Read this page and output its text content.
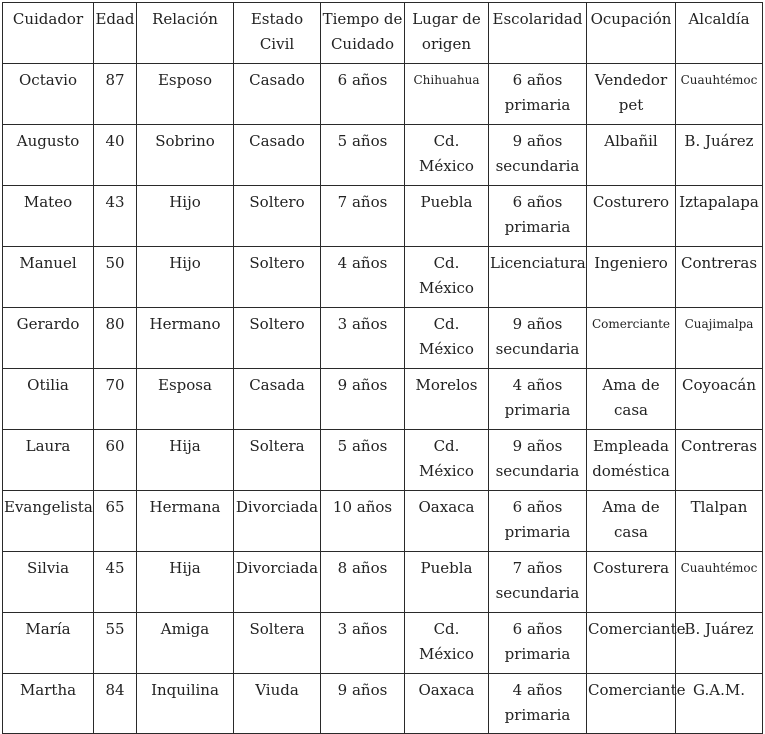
Cuidador	Edad	Relación	Estado Civil	Tiempo de Cuidado	Lugar de origen	Escolaridad	Ocupación	Alcaldía
Octavio	87	Esposo	Casado	6 años	Chihuahua	6 años primaria	Vendedor pet	Cuauhtémoc
Augusto	40	Sobrino	Casado	5 años	Cd. México	9 años secundaria	Albañil	B. Juárez
Mateo	43	Hijo	Soltero	7 años	Puebla	6 años primaria	Costurero	Iztapalapa
Manuel	50	Hijo	Soltero	4 años	Cd. México	Licenciatura	Ingeniero	Contreras
Gerardo	80	Hermano	Soltero	3 años	Cd. México	9 años secundaria	Comerciante	Cuajimalpa
Otilia	70	Esposa	Casada	9 años	Morelos	4 años primaria	Ama de casa	Coyoacán
Laura	60	Hija	Soltera	5 años	Cd. México	9 años secundaria	Empleada doméstica	Contreras
Evangelista	65	Hermana	Divorciada	10 años	Oaxaca	6 años primaria	Ama de casa	Tlalpan
Silvia	45	Hija	Divorciada	8 años	Puebla	7 años secundaria	Costurera	Cuauhtémoc
María	55	Amiga	Soltera	3 años	Cd. México	6 años primaria	Comerciante	B. Juárez
Martha	84	Inquilina	Viuda	9 años	Oaxaca	4 años primaria	Comerciante	G.A.M.
